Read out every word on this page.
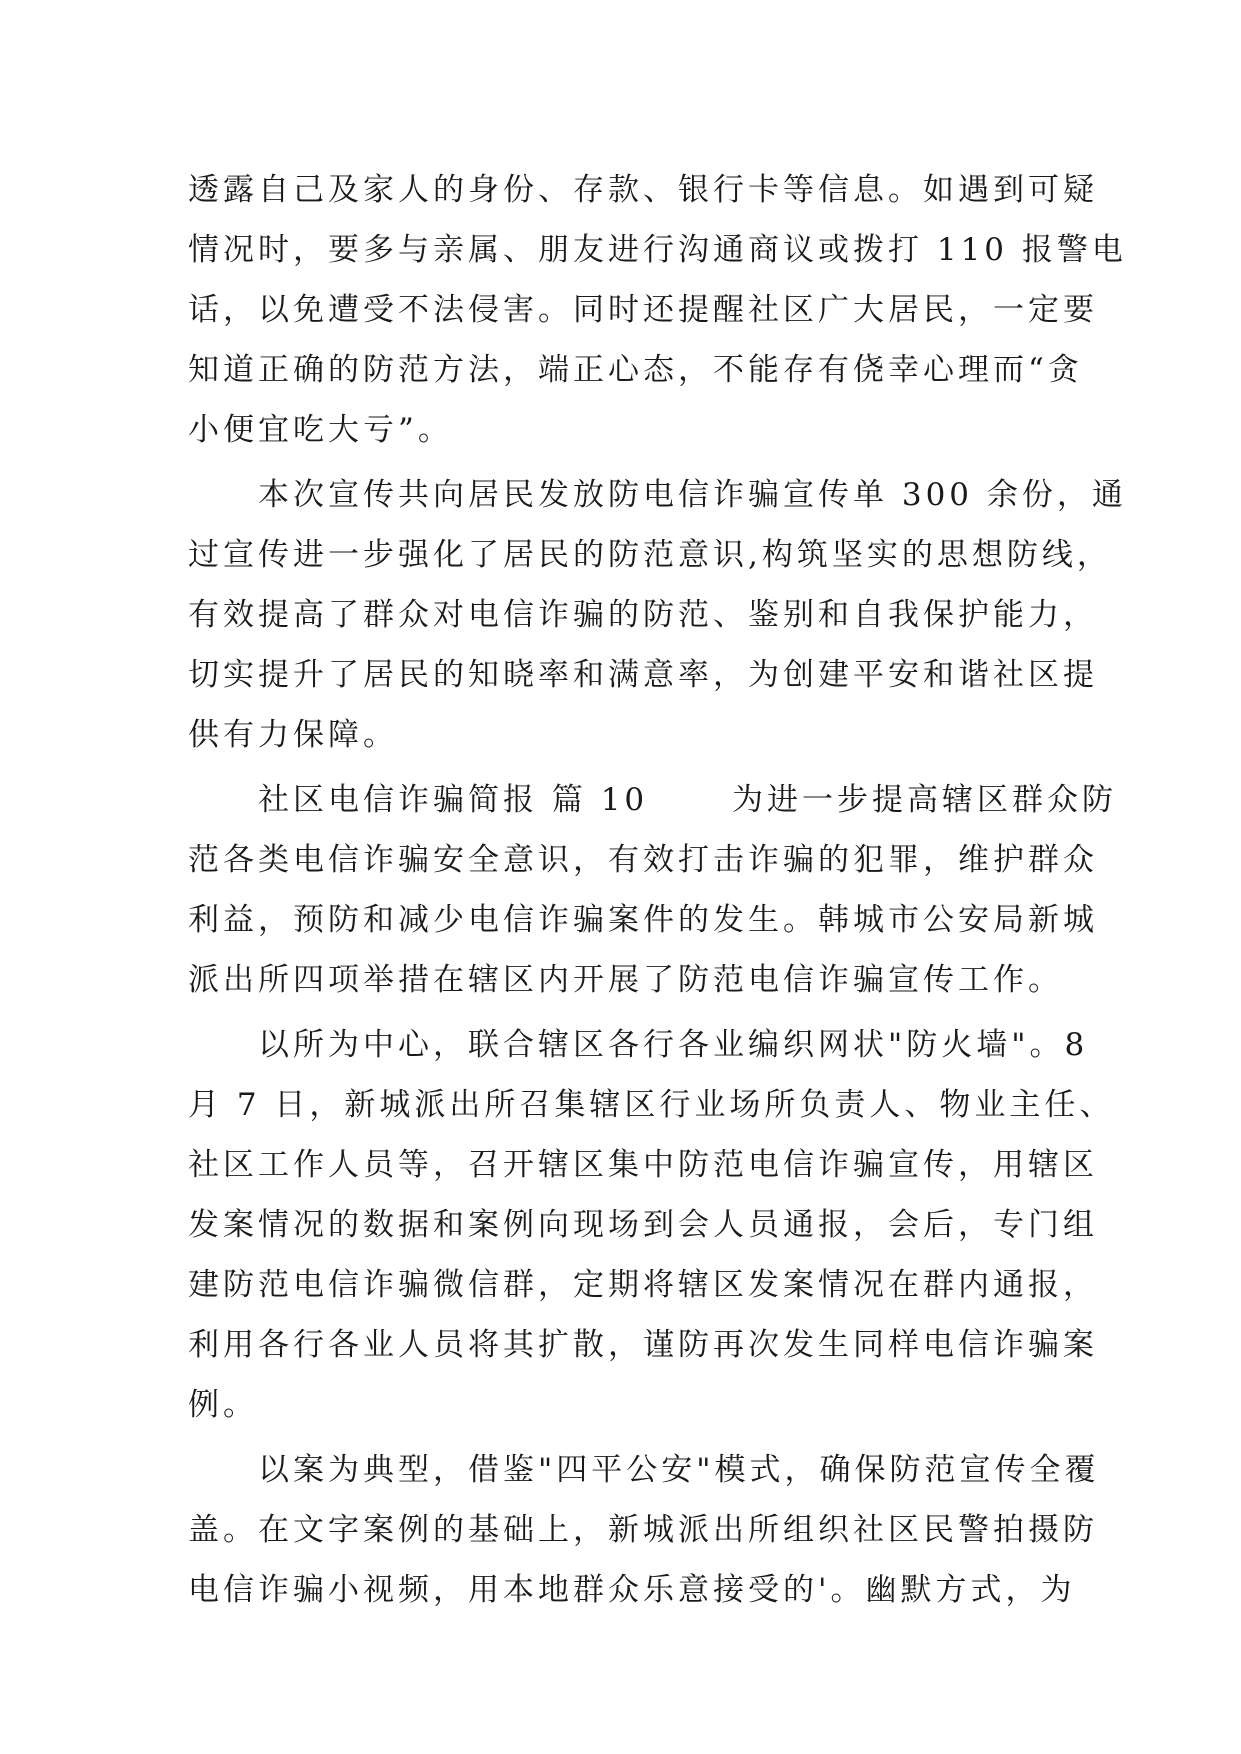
透露自己及家人的身份、存款、银行卡等信息。如遇到可疑
情况时，要多与亲属、朋友进行沟通商议或拨打 110 报警电
话，以免遭受不法侵害。同时还提醒社区广大居民，一定要
知道正确的防范方法，端正心态，不能存有侥幸心理而“贪
小便宜吃大亏”。
　　本次宣传共向居民发放防电信诈骗宣传单 300 余份，通
过宣传进一步强化了居民的防范意识,构筑坚实的思想防线，
有效提高了群众对电信诈骗的防范、鉴别和自我保护能力，
切实提升了居民的知晓率和满意率，为创建平安和谐社区提
供有力保障。
　　社区电信诈骗简报 篇 10　　 为进一步提高辖区群众防
范各类电信诈骗安全意识，有效打击诈骗的犯罪，维护群众
利益，预防和减少电信诈骗案件的发生。韩城市公安局新城
派出所四项举措在辖区内开展了防范电信诈骗宣传工作。
　　以所为中心，联合辖区各行各业编织网状"防火墙"。8
月 7 日，新城派出所召集辖区行业场所负责人、物业主任、
社区工作人员等，召开辖区集中防范电信诈骗宣传，用辖区
发案情况的数据和案例向现场到会人员通报，会后，专门组
建防范电信诈骗微信群，定期将辖区发案情况在群内通报，
利用各行各业人员将其扩散，谨防再次发生同样电信诈骗案
例。
　　以案为典型，借鉴"四平公安"模式，确保防范宣传全覆
盖。在文字案例的基础上，新城派出所组织社区民警拍摄防
电信诈骗小视频，用本地群众乐意接受的'。幽默方式，为
